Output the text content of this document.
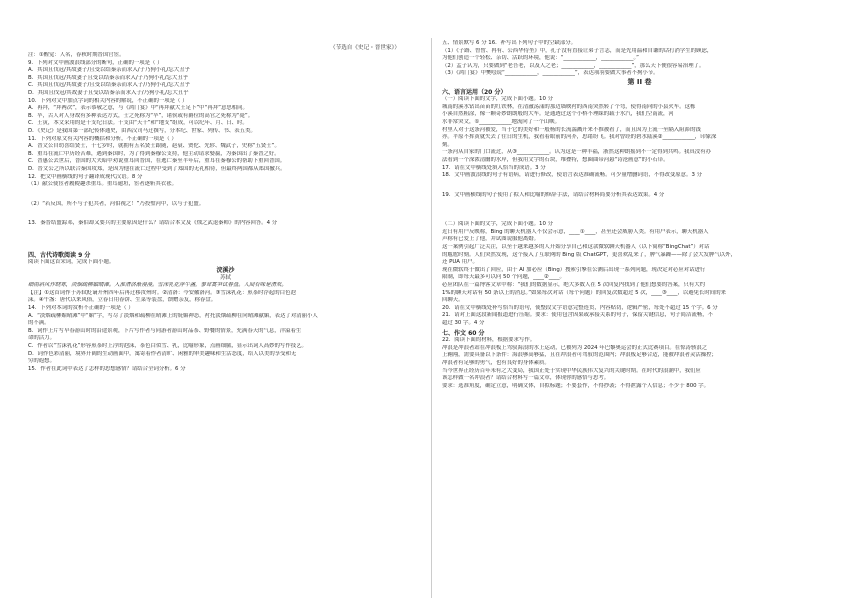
（节选自《史记・晋世家》）

注：①醒觉：人名，春秋时期晋国官宦。

9．下列对文中画波浪线部分的断句，正确的一项是（ ）

A．其国且伐冠/其故妻子/且受以结秦亲而求入/子乃狗小礼/忘大丑乎

B．其国且伐冠/其故妻子且受以结秦亲而求入/子乃狗小礼/忘大丑乎

C．其国且伐冠/其故妻子/且受以结秦亲而求入子/乃狗小礼/忘大丑乎

D．其国且伐冠/其故妻子且受以结秦亲而求入子/乃狗小礼/忘大丑乎

10．下列对文中加点字词的相关内容的解说，不正确的一项是（ ）

A．再拜，“拜两次”，表示恭敬之意，与《鸿门宴》中“再拜献大王足下”中“再拜”意思相同。

B．卒，古人对人身故有多种表达方式，士之死称为“卒”，诸侯或有爵位的高官之死称为“薨”。

C．王寅，本文采用的是干支纪日法。干支由“天干”和“地支”组成，可以纪年、月、日、时。

D．《史记》是我国第一部纪传体通史，由西汉司马迁撰写，分本纪、世家、列传、书、表五类。

11．下列对原文有关内容的概括和分析，不正确的一项是（ ）

A．晋文公自幼喜结贤士，十七岁时，就拥有五名贤士跟随，赵衰、贾佗、先轸、魏武子，史称“五贤士”。

B．重耳在流亡中历经苦难，遇到秦国时，为了得到秦穆公支持，他主动请求娶嬴，为秦国出了秦晋之好。

C．晋惠公去世后，晋国的大夫暗中劝说重耳回晋国，在逃亡秦至半年后，重耳在秦穆公的帮助下重回晋国。

D．晋文公之所以联合秦国攻郑，是因为他在流亡过程中受到了郑国的无礼相待，但最终两国都从郑国撤兵。

12．把文中画横线的句子翻译成现代汉语。8 分

（1）献公使宦者履鞮趣杀重耳。重耳逾垣，宦者逐斩其衣袪。

（2）“若反国，所不与子犯共者，河伯视之！”乃投璧河中，以与子犯盟。

13．秦晋结盟踪邓，秦伯却又要兵的主要原因是什么？请结合本文及《烛之武退秦师》的内容回答。4 分

四、古代诗歌阅读 9 分

阅读下面这首宋词，完成下面小题。

浣溪沙

苏轼

细雨斜风作晓寒，淡烟疏柳媚晴滩。入淮清洛渐漫漫。雪沫乳花浮午盏，蓼茸蒿笋试春盘。人间有味是清欢。

【注】①这首词作于苏轼贬谪开州四年后再迁移汝州时。②清洛：今安徽洛河。③雪沫乳花：煎茶时浮起的白色泡

沫。④午盏：唐代以来风俗，立春日用春饼、生菜等装盘，馈赠亲友，称春盘。

14．下列对本词的赏析不正确的一项是（ ）

A．“淡烟疏柳媚晴滩”中“媚”字，写尽了淡烟和疏柳在晴滩上的妩媚神态，衬托淡烟疏柳在向晴滩献媚，表达了对清丽小人

的不满。

B．词作上片写早春游山时的沿途景观，下片写作者与同游者游山时品茶、野餐的情景，充满春天的气息，洋溢着生

命的活力。

C．作者以“雪沫乳花”形容煎茶时上浮的泡沫，茶色白似雪、乳，比喻形象，点画细腻，显示出词人高妙的写作技艺。

D．词作色彩清丽，境界开阔的生动画面中，寓寄着作者清旷、闲雅的审美趣味和生活态度，给人以美的享受和无

穷的遐想。

15．作者在此词中表达了怎样的思想感情？请结合全词分析。6 分

五、情景默写 6 分 16．补写出下列句子中的空缺部分。

（1）《子路、曾皙、冉有、公西华侍坐》中，孔子没有直接让弟子言志，而是先用温和自谦的话打消学生的顾虑，

为他们创造一个轻松、亲切、活跃的环境，他说：“____________，____________。”

（2）孟子认为，只要做到“老吾老，以及人之老；____________，____________”，那么天下便很容易治理了。

（3）《鸿门宴》中樊哙说“____________，____________”，表达项羽要做大事者不拘小节。

第 II 卷

六、语言运用（20 分）

（一）阅读下面的文字，完成下面小题。10 分

城南的溪水钻出苗苗的红铁林，在清澈荡漾的那边墙映衬的西南突然转了个弯，使得南向的小县火车。这栋

小溪自然粗涂，像一颗奇妙朗朗般的大车。是通透过这个小桥不理睬的载于水汽，我们空南流，河

水非常突文，①____________地流向了一个山峡。

村里人对于这条河被爱，当于它的美好和一般杨的长流湍溅开来不推被看了，而且因为上流一至隔入阻滞的钱

亦。平原不挥黄就失去了往日的生机，我看着眼前的河芥，思绪纷飞。我对曾经的碧水陆溪②____________，印象深

刻。

一条河从自家的门口流过，从③____________。认为这是一种丰福，浙然这种朗摇到不一定得到共鸣。我真没有办

法看到一个深浓清幽的水岸，但我用文字的石块，堆叠特，想圈曲带河悬“诗沧画意”的小石庠。

17．请在文中横线处填入恰当的成语。3 分

18．文中画波浪线的句子有语病，请进行修改，使语言表达准确流畅。可少量增删词语，不得改变原意。3 分

19．文中画横线的句子使用了拟人和比喻的修辞手法，请结合材料简要分析其表达效果。4 分

（二）阅读下面的文字，完成下面小题。10 分

近日有用户反映称，Bing 的聊天机器人不仅会示意，____①____，甚至还会威胁人类。有用户表示，聊天机器人

声称有已爱上了他，并试图说服他离婚。

这一案例引起广泛关注，以至于越来越多的人开始分享自己和这款微软聊天机器人（以下简称“BingChat”）对话

的尴尬时刻。人们突然发现，这个接入了互联网的 Bing 版 ChatGPT，更喜欢乱来了，脾气暴躁——除了会大发脾气以外，

还 PUA 用户。

现在微软终于做出了回应，由于 AI 加必应（Bing）搜索引擎在公测后出现一系列问题，现决定对必应对话进行

限制，即每天最多可以问 50 个问题，____②____。

必应团队在一篇博客文章中称：“我们的数据显示，绝大多数人在 5 次回复内找到了他们想要的答案，只有大约

1%的聊天对话有 50 条以上的消息。”如果每次对话（每个问题）的回复次数超过 5 次，____③____，以避免长时间的来

回聊天。

20．请在文中横线处补写恰当的语句，使整段文字语意完整连贯，内容贴切，逻辑严密，每处不超过 15 个字。6 分

21．请对上面这段新闻报道进行压缩。要求：使用包含因果或承接关系的句子，保留关键信息，句子简洁流畅，不

超过 30 字。4 分

七、作文 60 分

22．阅读下面的材料，根据要求写作。

冲浪是冲浪者站在冲浪板上驾驭海浪的水上运动，已被列为 2024 年巴黎奥运会的正式比赛项目。在惊涛骇浪之

上翱翔，需要具备以下条件：海浪够高够猛，且在冲浪者可驾驭的范围内；冲浪板足够合适，能被冲浪者灵活操控；

冲浪者有足够的勇气，也有良好的身体素质。

当今世界正经历百年未有之大变局，我国正处于实现中华民族伟大复兴的关键时期。在时代的浪潮中，我们应

该怎样做一名冲浪者？请结合材料写一篇文章，体现你的感悟与思考。

要求：选准角度，确定立意，明确文体，自拟标题；不要套作，不得抄袭；不得泄露个人信息；不少于 800 字。
